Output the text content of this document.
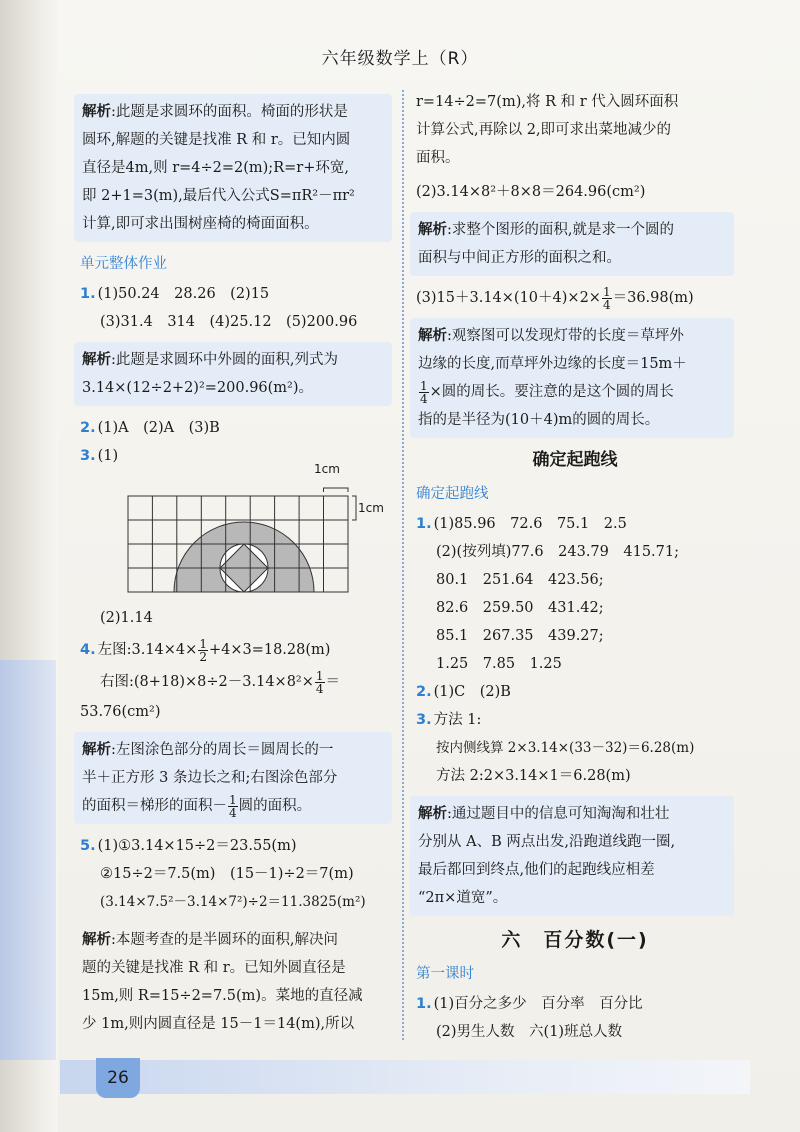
六年级数学上（R）
解析:此题是求圆环的面积。椅面的形状是
圆环,解题的关键是找准 R 和 r。已知内圆
直径是4m,则 r=4÷2=2(m);R=r+环宽,
即 2+1=3(m),最后代入公式S=πR²－πr²
计算,即可求出围树座椅的椅面面积。
单元整体作业
1. (1)50.24　28.26　(2)15

(3)31.4　314　(4)25.12　(5)200.96
解析:此题是求圆环中外圆的面积,列式为
3.14×(12÷2+2)²=200.96(m²)。
2. (1)A　(2)A　(3)B
3. (1)
1cm
1cm
(2)1.14
4. 左图:3.14×4× $\frac{1}{2} +4\times 3=18.28(m)$
右图:(8+18)×8÷2－3.14×8²× $\frac{1}{4}$ ＝
53.76(cm²)
解析:左图涂色部分的周长＝圆周长的一
半＋正方形 3 条边长之和;右图涂色部分
的面积＝梯形的面积－ $\frac{1}{4}$ 圆的面积。
5. (1)①3.14×15÷2＝23.55(m)
②15÷2＝7.5(m)　(15－1)÷2＝7(m)
(3.14×7.5²－3.14×7²)÷2＝11.3825(m²)
解析:本题考查的是半圆环的面积,解决问
题的关键是找准 R 和 r。已知外圆直径是
15m,则 R=15÷2=7.5(m)。菜地的直径减
少 1m,则内圆直径是 15－1＝14(m),所以
r=14÷2=7(m),将 R 和 r 代入圆环面积
计算公式,再除以 2,即可求出菜地减少的
面积。
(2)3.14×8²＋8×8＝264.96(cm²)
解析:求整个图形的面积,就是求一个圆的
面积与中间正方形的面积之和。
$(3)15+3.14\times(10+4)\times 2\times \frac{1}{4} =36.98(m)$
解析:观察图可以发现灯带的长度＝草坪外
边缘的长度,而草坪外边缘的长度＝15m＋

$\frac{1}{4}$ ×圆的周长。要注意的是这个圆的周长
指的是半径为(10＋4)m的圆的周长。
确定起跑线
确定起跑线
1. (1)85.96　72.6　75.1　2.5
(2)(按列填)77.6　243.79　415.71;
80.1　251.64　423.56;
82.6　259.50　431.42;
85.1　267.35　439.27;
1.25　7.85　1.25
2. (1)C　(2)B
3. 方法 1:
按内侧线算 2×3.14×(33－32)＝6.28(m)
方法 2:2×3.14×1＝6.28(m)
解析:通过题目中的信息可知淘淘和壮壮
分别从 A、B 两点出发,沿跑道线跑一圈,
最后都回到终点,他们的起跑线应相差
“2π×道宽”。
六　百分数(一)
第一课时
1. (1)百分之多少　百分率　百分比
(2)男生人数　六(1)班总人数
26
